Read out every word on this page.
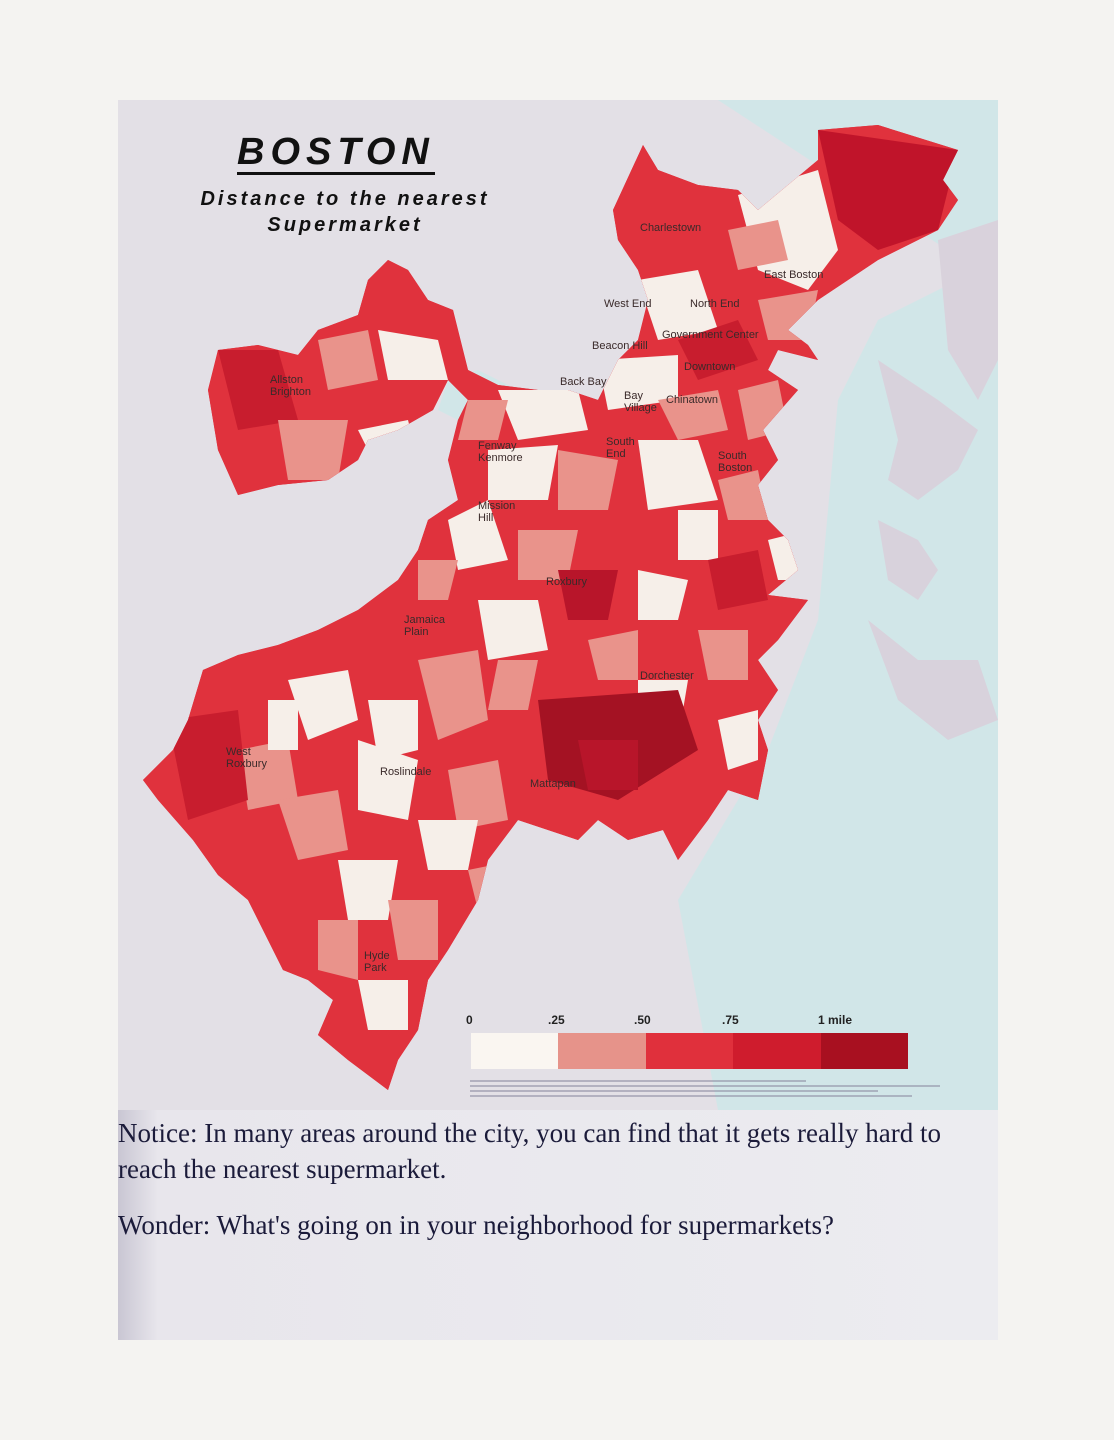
BOSTON
Distance to the nearest Supermarket	Charlestown
East Boston
West End	North End
Government Center
Beacon Hill
Downtown
Back Bay
Bay Village
Chinatown
Allston Brighton
Fenway Kenmore
South End	South Boston
Mission Hill
Roxbury
Jamaica Plain
Dorchester
West Roxbury
Roslindale
Mattapan
Hyde Park
0	.25	.50	.75	1 mile

Notice: In many areas around the city, you can find that it gets really hard to reach the nearest supermarket.

Wonder: What's going on in your neighborhood for supermarkets?
